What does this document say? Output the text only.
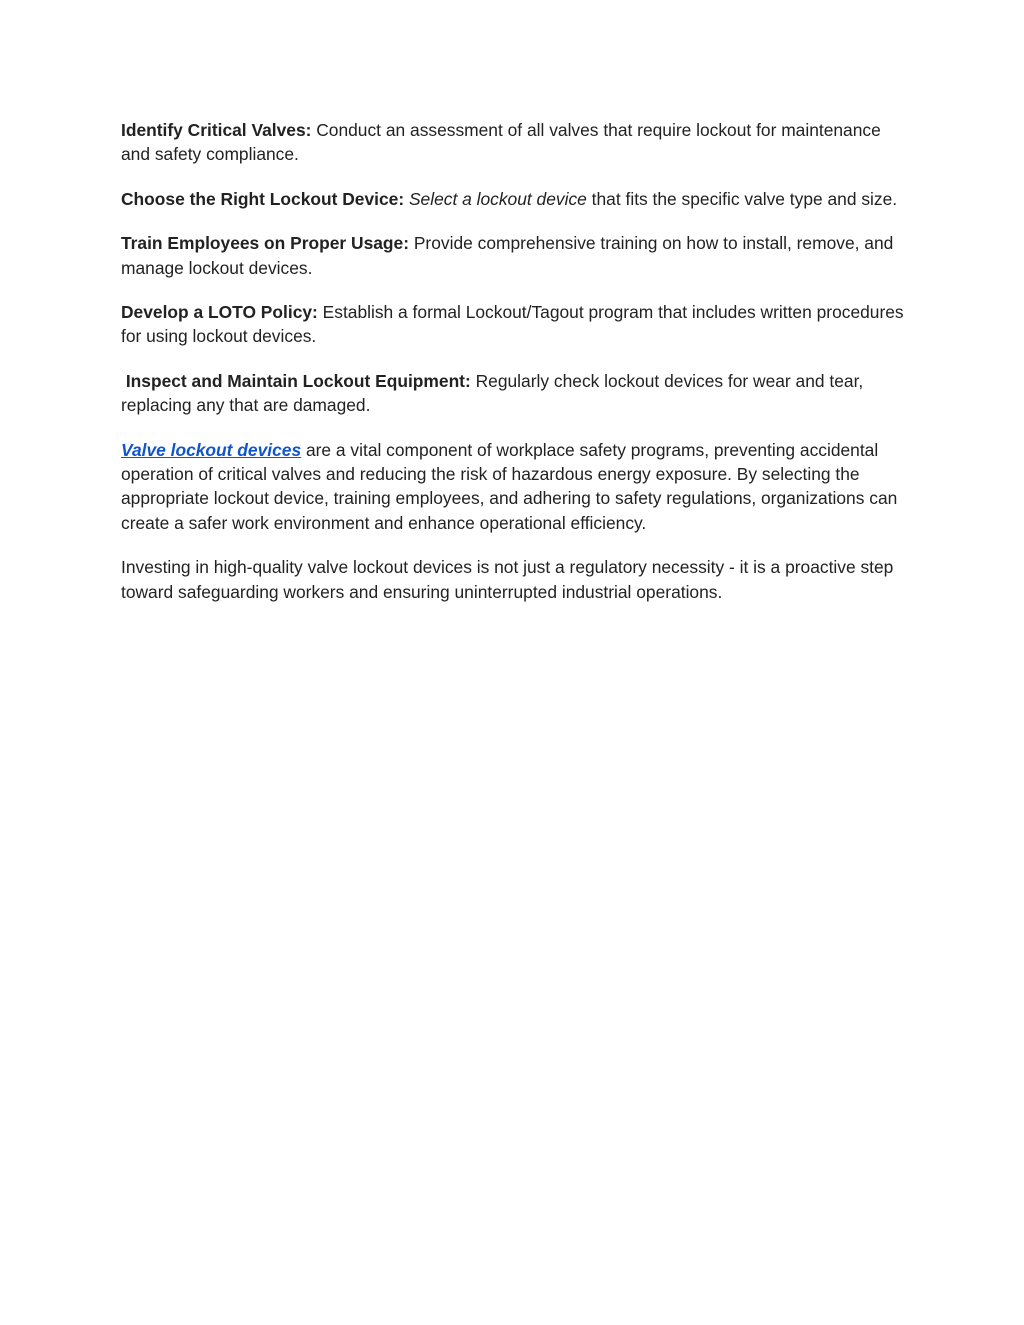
Identify Critical Valves: Conduct an assessment of all valves that require lockout for maintenance and safety compliance.

Choose the Right Lockout Device: Select a lockout device that fits the specific valve type and size.

Train Employees on Proper Usage: Provide comprehensive training on how to install, remove, and manage lockout devices.

Develop a LOTO Policy: Establish a formal Lockout/Tagout program that includes written procedures for using lockout devices.

Inspect and Maintain Lockout Equipment: Regularly check lockout devices for wear and tear, replacing any that are damaged.

Valve lockout devices are a vital component of workplace safety programs, preventing accidental operation of critical valves and reducing the risk of hazardous energy exposure. By selecting the appropriate lockout device, training employees, and adhering to safety regulations, organizations can create a safer work environment and enhance operational efficiency.

Investing in high-quality valve lockout devices is not just a regulatory necessity - it is a proactive step toward safeguarding workers and ensuring uninterrupted industrial operations.
